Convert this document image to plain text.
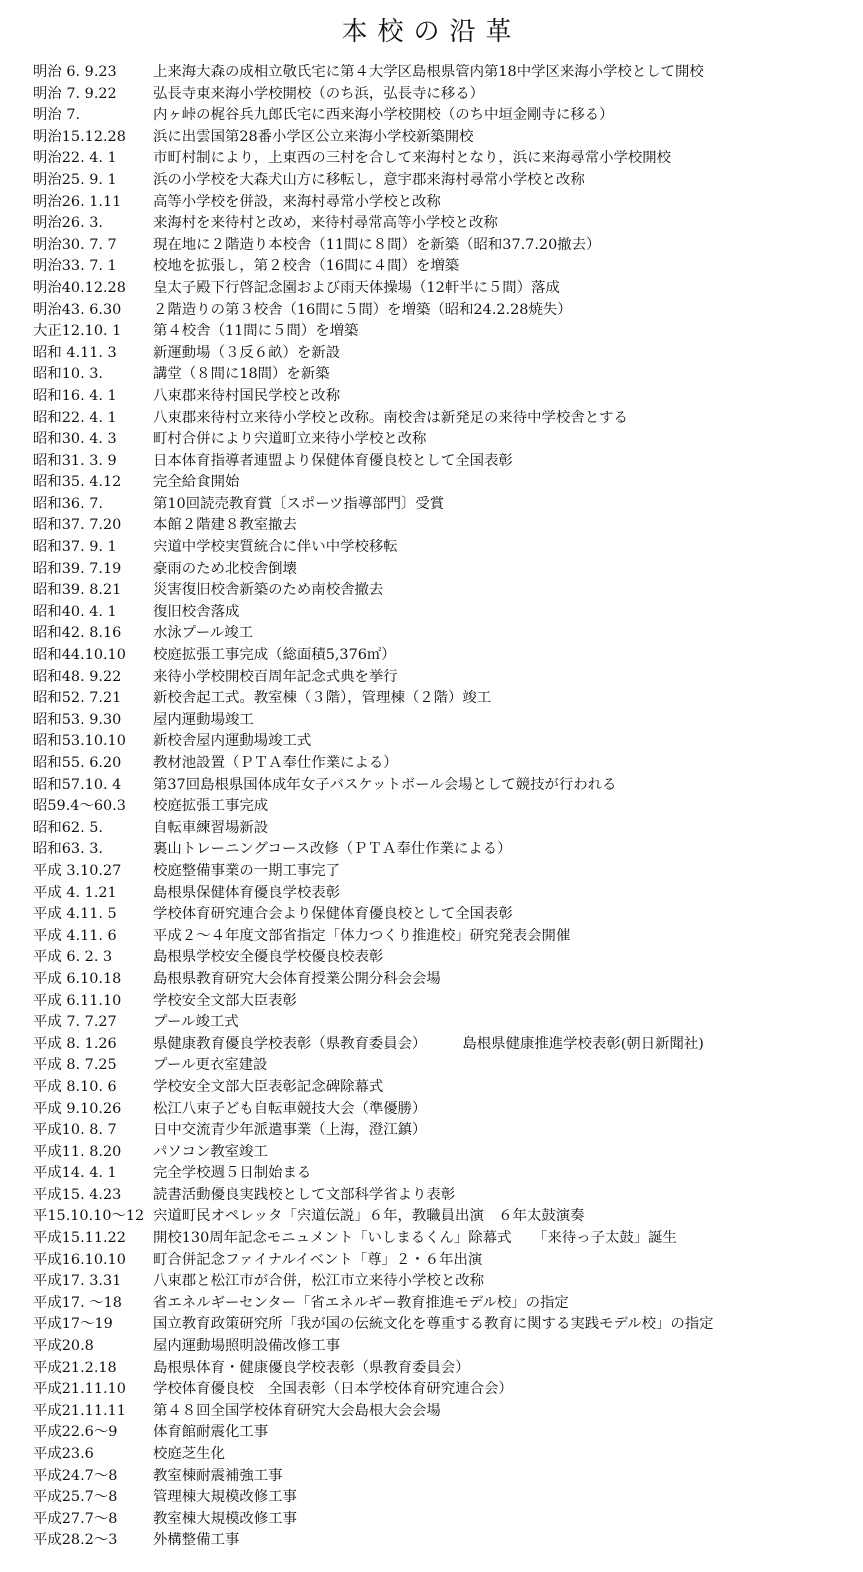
本校の沿革
明治 6. 9.23	上来海大森の成相立敬氏宅に第４大学区島根県管内第18中学区来海小学校として開校
明治 7. 9.22	弘長寺東来海小学校開校（のち浜，弘長寺に移る）
明治 7.	内ヶ峠の梶谷兵九郎氏宅に西来海小学校開校（のち中垣金剛寺に移る）
明治15.12.28	浜に出雲国第28番小学区公立来海小学校新築開校
明治22. 4. 1	市町村制により，上東西の三村を合して来海村となり，浜に来海尋常小学校開校
明治25. 9. 1	浜の小学校を大森犬山方に移転し，意宇郡来海村尋常小学校と改称
明治26. 1.11	高等小学校を併設，来海村尋常小学校と改称
明治26. 3.	来海村を来待村と改め，来待村尋常高等小学校と改称
明治30. 7. 7	現在地に２階造り本校舎（11間に８間）を新築（昭和37.7.20撤去）
明治33. 7. 1	校地を拡張し，第２校舎（16間に４間）を増築
明治40.12.28	皇太子殿下行啓記念園および雨天体操場（12軒半に５間）落成
明治43. 6.30	２階造りの第３校舎（16間に５間）を増築（昭和24.2.28焼失）
大正12.10. 1	第４校舎（11間に５間）を増築
昭和 4.11. 3	新運動場（３反６畝）を新設
昭和10. 3.	講堂（８間に18間）を新築
昭和16. 4. 1	八束郡来待村国民学校と改称
昭和22. 4. 1	八束郡来待村立来待小学校と改称。南校舎は新発足の来待中学校舎とする
昭和30. 4. 3	町村合併により宍道町立来待小学校と改称
昭和31. 3. 9	日本体育指導者連盟より保健体育優良校として全国表彰
昭和35. 4.12	完全給食開始
昭和36. 7.	第10回読売教育賞〔スポーツ指導部門〕受賞
昭和37. 7.20	本館２階建８教室撤去
昭和37. 9. 1	宍道中学校実質統合に伴い中学校移転
昭和39. 7.19	豪雨のため北校舎倒壊
昭和39. 8.21	災害復旧校舎新築のため南校舎撤去
昭和40. 4. 1	復旧校舎落成
昭和42. 8.16	水泳プール竣工
昭和44.10.10	校庭拡張工事完成（総面積5,376㎡）
昭和48. 9.22	来待小学校開校百周年記念式典を挙行
昭和52. 7.21	新校舎起工式。教室棟（３階），管理棟（２階）竣工
昭和53. 9.30	屋内運動場竣工
昭和53.10.10	新校舎屋内運動場竣工式
昭和55. 6.20	教材池設置（ＰＴＡ奉仕作業による）
昭和57.10. 4	第37回島根県国体成年女子バスケットボール会場として競技が行われる
昭59.4～60.3	校庭拡張工事完成
昭和62. 5.	自転車練習場新設
昭和63. 3.	裏山トレーニングコース改修（ＰＴＡ奉仕作業による）
平成 3.10.27	校庭整備事業の一期工事完了
平成 4. 1.21	島根県保健体育優良学校表彰
平成 4.11. 5	学校体育研究連合会より保健体育優良校として全国表彰
平成 4.11. 6	平成２～４年度文部省指定「体力つくり推進校」研究発表会開催
平成 6. 2. 3	島根県学校安全優良学校優良校表彰
平成 6.10.18	島根県教育研究大会体育授業公開分科会会場
平成 6.11.10	学校安全文部大臣表彰
平成 7. 7.27	プール竣工式
平成 8. 1.26	県健康教育優良学校表彰（県教育委員会）　　　島根県健康推進学校表彰(朝日新聞社)
平成 8. 7.25	プール更衣室建設
平成 8.10. 6	学校安全文部大臣表彰記念碑除幕式
平成 9.10.26	松江八束子ども自転車競技大会（準優勝）
平成10. 8. 7	日中交流青少年派遣事業（上海，澄江鎮）
平成11. 8.20	パソコン教室竣工
平成14. 4. 1	完全学校週５日制始まる
平成15. 4.23	読書活動優良実践校として文部科学省より表彰
平15.10.10～12 宍道町民オペレッタ「宍道伝説」６年，教職員出演　６年太鼓演奏
平成15.11.22	開校130周年記念モニュメント「いしまるくん」除幕式　　「来待っ子太鼓」誕生
平成16.10.10	町合併記念ファイナルイベント「尊」２・６年出演
平成17. 3.31	八束郡と松江市が合併，松江市立来待小学校と改称
平成17. ～18	省エネルギーセンター「省エネルギー教育推進モデル校」の指定
平成17～19	国立教育政策研究所「我が国の伝統文化を尊重する教育に関する実践モデル校」の指定
平成20.8	屋内運動場照明設備改修工事
平成21.2.18	島根県体育・健康優良学校表彰（県教育委員会）
平成21.11.10	学校体育優良校　全国表彰（日本学校体育研究連合会）
平成21.11.11	第４８回全国学校体育研究大会島根大会会場
平成22.6～9	体育館耐震化工事
平成23.6	校庭芝生化
平成24.7～8	教室棟耐震補強工事
平成25.7～8	管理棟大規模改修工事
平成27.7～8	教室棟大規模改修工事
平成28.2～3	外構整備工事
